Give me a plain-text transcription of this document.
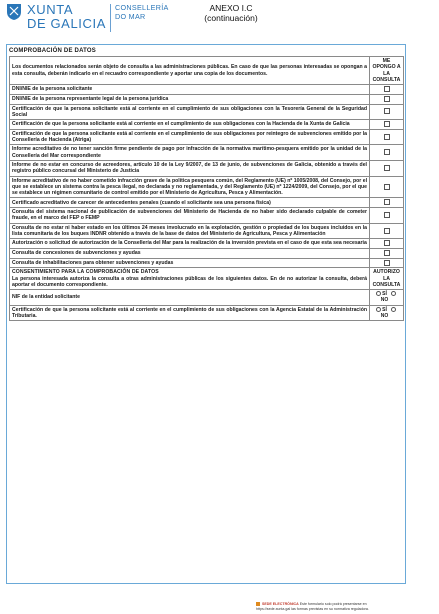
XUNTA
DE GALICIA
CONSELLERÍA
DO MAR
ANEXO I.C
(continuación)
COMPROBACIÓN DE DATOS
Los documentos relacionados serán objeto de consulta a las administraciones públicas. En caso de que las personas interesadas se opongan a esta consulta, deberán indicarlo en el recuadro correspondiente y aportar una copia de los documentos.	ME OPONGO A LA CONSULTA
DNI/NIE de la persona solicitante	
DNI/NIE de la persona representante legal de la persona jurídica	
Certificación de que la persona solicitante está al corriente en el cumplimiento de sus obligaciones con la Tesorería General de la Seguridad Social	
Certificación de que la persona solicitante está al corriente en el cumplimiento de sus obligaciones con la Hacienda de la Xunta de Galicia	
Certificación de que la persona solicitante está al corriente en el cumplimiento de sus obligaciones por reintegro de subvenciones emitido por la Consellería de Hacienda (Atriga)	
Informe acreditativo de no tener sanción firme pendiente de pago por infracción de la normativa marítimo-pesquera emitido por la unidad de la Consellería del Mar correspondiente	
Informe de no estar en concurso de acreedores, artículo 10 de la Ley 9/2007, de 13 de junio, de subvenciones de Galicia, obtenido a través del registro público concursal del Ministerio de Justicia	
Informe acreditativo de no haber cometido infracción grave de la política pesquera común, del Reglamento (UE) nº 1005/2008, del Consejo, por el que se establece un sistema contra la pesca ilegal, no declarada y no reglamentada, y del Reglamento (UE) nº 1224/2009, del Consejo, por el que se establece un régimen comunitario de control emitido por el Ministerio de Agricultura, Pesca y Alimentación.	
Certificado acreditativo de carecer de antecedentes penales (cuando el solicitante sea una persona física)	
Consulta del sistema nacional de publicación de subvenciones del Ministerio de Hacienda de no haber sido declarado culpable de cometer fraude, en el marco del FEP o FEMP	
Consulta de no estar ni haber estado en los últimos 24 meses involucrado en la explotación, gestión o propiedad de los buques incluidos en la lista comunitaria de los buques INDNR obtenido a través de la base de datos del Ministerio de Agricultura, Pesca y Alimentación	
Autorización o solicitud de autorización de la Consellería del Mar para la realización de la inversión prevista en el caso de que esta sea necesaria	
Consulta de concesiones de subvenciones y ayudas	
Consulta de inhabilitaciones para obtener subvenciones y ayudas	

CONSENTIMIENTO PARA LA COMPROBACIÓN DE DATOS
La persona interesada autoriza la consulta a otras administraciones públicas de los siguientes datos. En de no autorizar la consulta, deberá aportar el documento correspondiente.	AUTORIZO LA CONSULTA
NIF de la entidad solicitante	SÍNO
Certificación de que la persona solicitante está al corriente en el cumplimiento de sus obligaciones con la Agencia Estatal de la Administración Tributaria.	SÍNO
SEDE ELECTRÓNICA Este formulario solo podrá presentarse en
https://sede.xunta.gal las formas previstas en su normativa reguladora.
